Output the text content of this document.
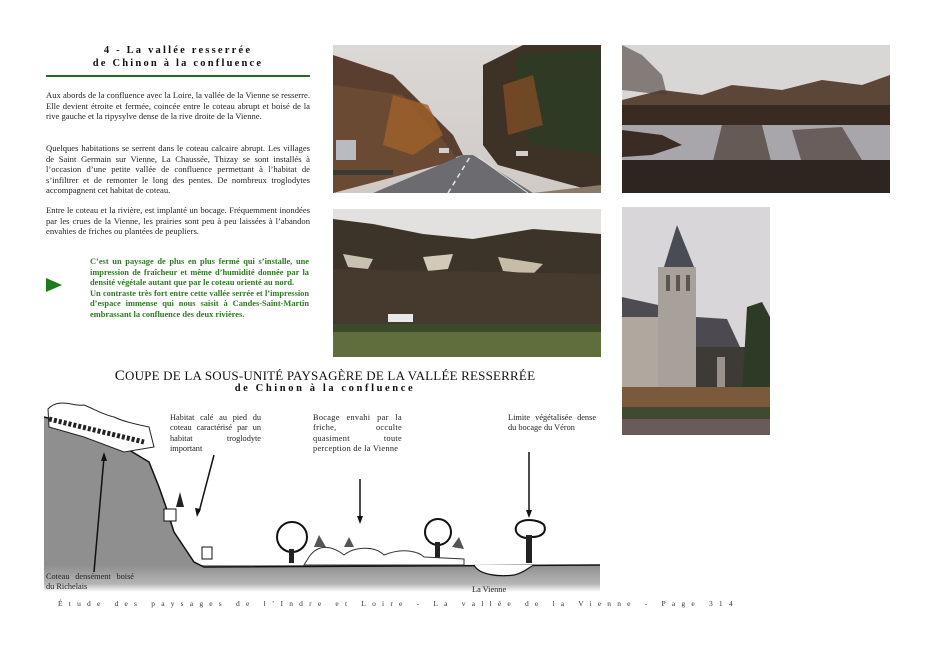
4 - La vallée resserrée
de Chinon à la confluence
Aux abords de la confluence avec la Loire, la vallée de la Vienne se resserre. Elle devient étroite et fermée, coincée entre le coteau abrupt et boisé de la rive gauche et la ripysylve dense de la rive droite de la Vienne.
Quelques habitations se serrent dans le coteau calcaire abrupt. Les villages de Saint Germain sur Vienne, La Chaussée, Thizay se sont installés à l’occasion d’une petite vallée de confluence permettant à l’habitat de s’infiltrer et de remonter le long des pentes. De nombreux troglodytes accompagnent cet habitat de coteau.
Entre le coteau et la rivière, est implanté un bocage. Fréquemment inondées par les crues de la Vienne, les prairies sont peu à peu laissées à l’abandon envahies de friches ou plantées de peupliers.
C’est un paysage de plus en plus fermé qui s’installe, une impression de fraîcheur et même d’humidité donnée par la densité végétale autant que par le coteau orienté au nord.
Un contraste très fort entre cette vallée serrée et l’impression d’espace immense qui nous saisit à Candes-Saint-Martin embrassant la confluence des deux rivières.
COUPE DE LA SOUS-UNITÉ PAYSAGÈRE DE LA VALLÉE RESSERRÉE
de Chinon à la confluence
Habitat calé au pied du coteau caractérisé par un habitat troglodyte important
Bocage envahi par la friche, occulte quasiment toute perception de la Vienne
Limite végétalisée dense du bocage du Véron
Coteau densément boisé du Richelais	La Vienne
Étude des paysages de l’Indre et Loire - La vallée de la Vienne - Page 314
